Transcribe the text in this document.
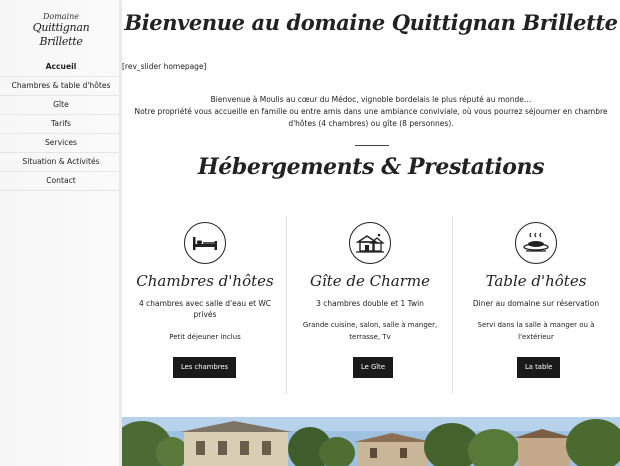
Domaine
Quittignan Brillette
Accueil
Chambres & table d'hôtes
Gîte
Tarifs
Services
Situation & Activités
Contact
Bienvenue au domaine Quittignan Brillette
[rev_slider homepage]
Bienvenue à Moulis au cœur du Médoc, vignoble bordelais le plus réputé au monde…
Notre propriété vous accueille en famille ou entre amis dans une ambiance conviviale, où vous pourrez séjourner en chambre d'hôtes (4 chambres) ou gîte (8 personnes).
Hébergements & Prestations
Chambres d'hôtes
4 chambres avec salle d'eau et WC privés
Petit déjeuner inclus
Les chambres
Gîte de Charme
3 chambres double et 1 Twin
Grande cuisine, salon, salle à manger, terrasse, Tv
Le Gîte
Table d'hôtes
Diner au domaine sur réservation
Servi dans la salle à manger ou à l'extérieur
La table
